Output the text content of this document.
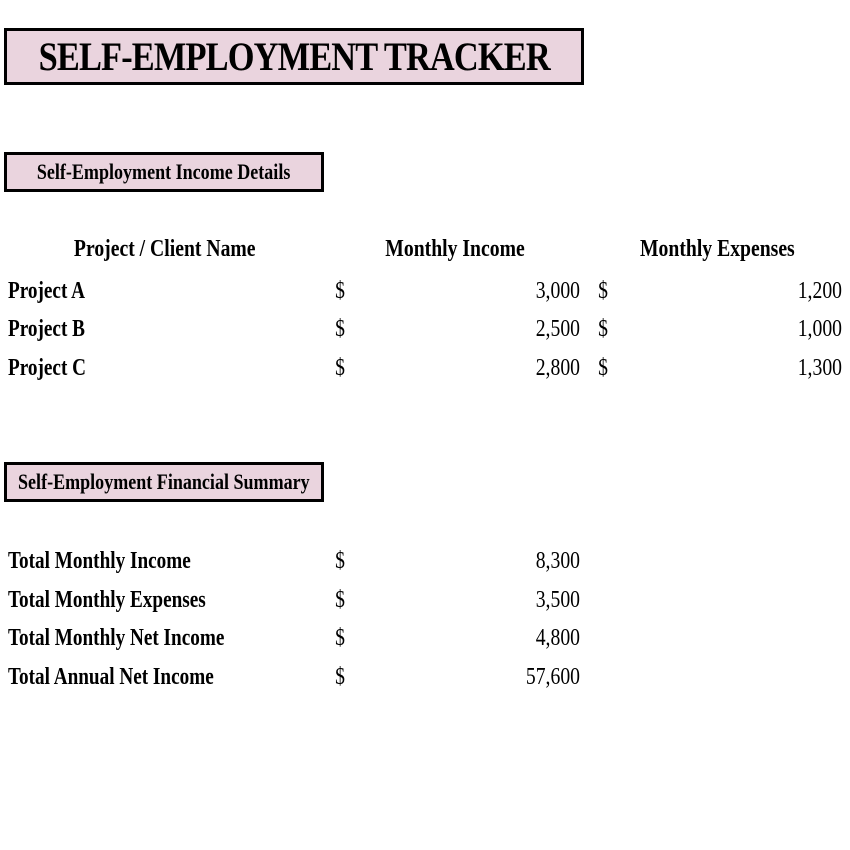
SELF-EMPLOYMENT TRACKER
Self-Employment Income Details
Project / Client Name	Monthly Income	Monthly Expenses
Project A	$	3,000 $	1,200
Project B	$	2,500 $	1,000
Project C	$	2,800 $	1,300
Self-Employment Financial Summary
Total Monthly Income	$	8,300
Total Monthly Expenses	$	3,500
Total Monthly Net Income	$	4,800
Total Annual Net Income	$	57,600
